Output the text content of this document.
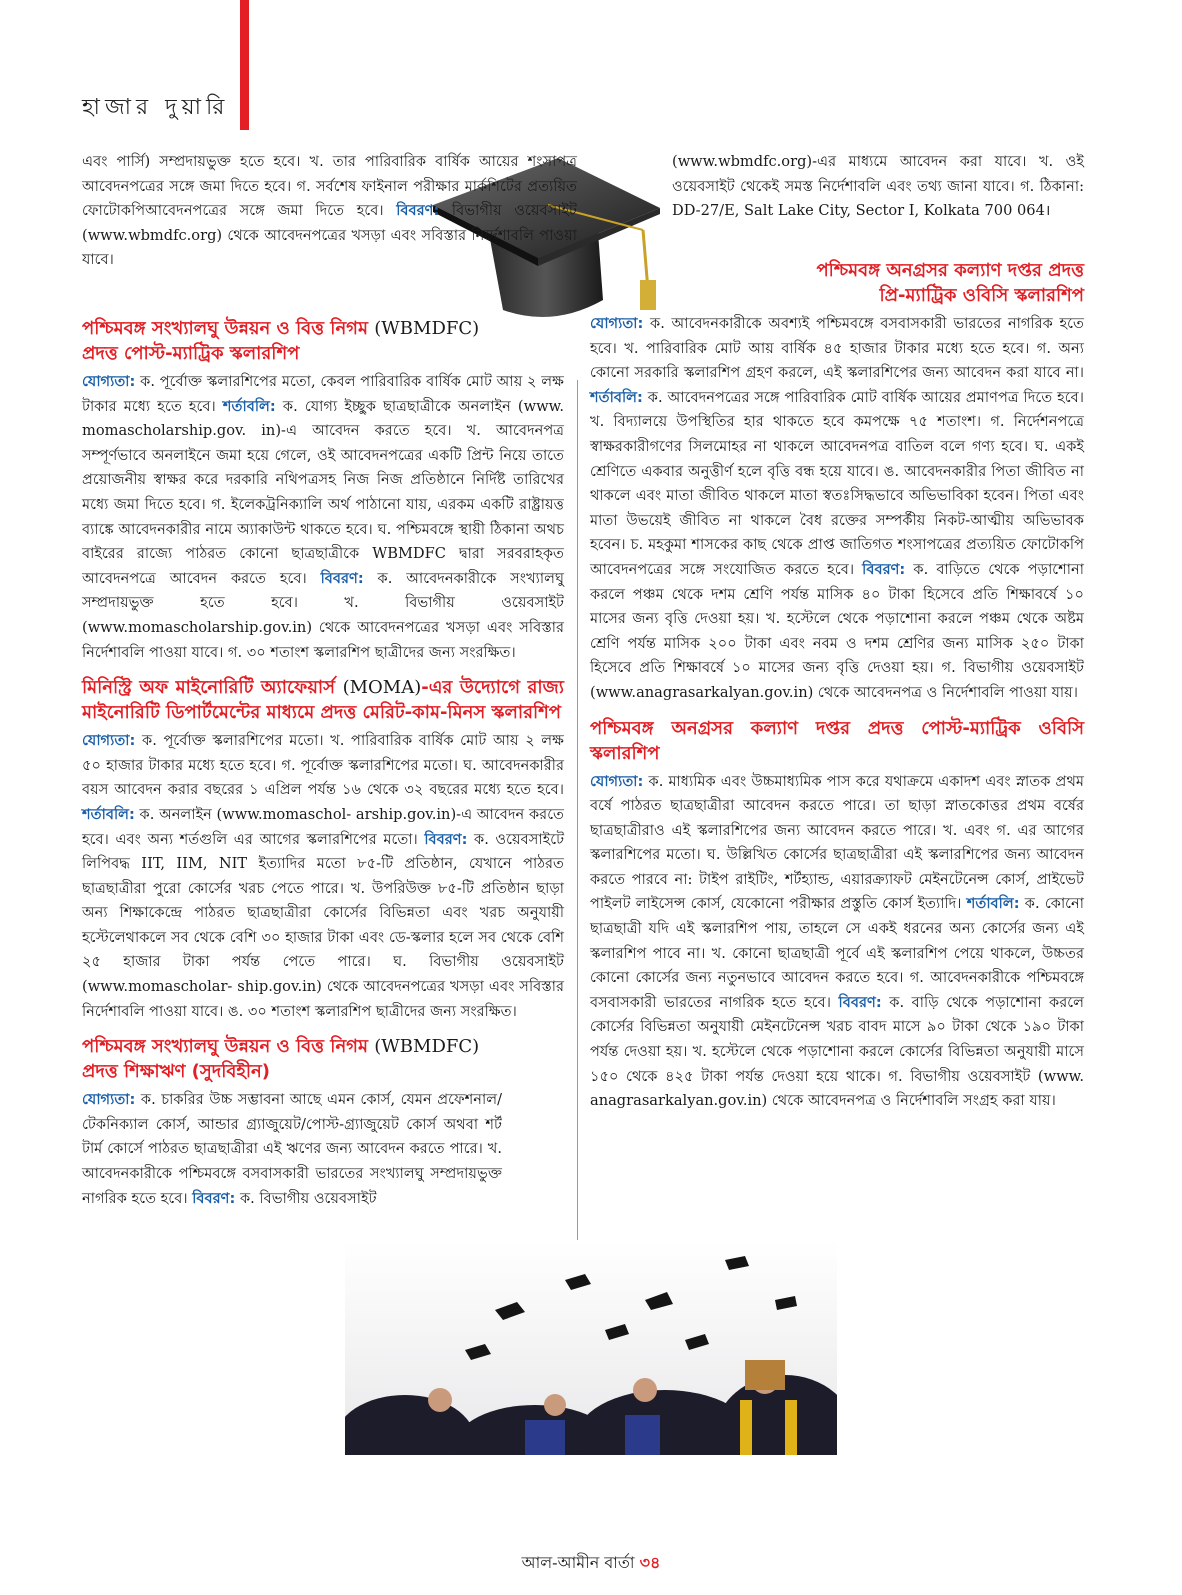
হাজার দুয়ারি

এবং পার্সি) সম্প্রদায়ভুক্ত হতে হবে। খ. তার পারিবারিক বার্ষিক আয়ের শংসাপত্র আবেদনপত্রের সঙ্গে জমা দিতে হবে। গ. সর্বশেষ ফাইনাল পরীক্ষার মার্কশিটের প্রত্যয়িত ফোটোকপিআবেদনপত্রের সঙ্গে জমা দিতে হবে। বিবরণ: বিভাগীয় ওয়েবসাইট (www.wbmdfc.org) থেকে আবেদনপত্রের খসড়া এবং সবিস্তার নির্দেশাবলি পাওয়া যাবে।

পশ্চিমবঙ্গ সংখ্যালঘু উন্নয়ন ও বিত্ত নিগম (WBMDFC)
প্রদত্ত পোস্ট-ম্যাট্রিক স্কলারশিপ

যোগ্যতা: ক. পূর্বোক্ত স্কলারশিপের মতো, কেবল পারিবারিক বার্ষিক মোট আয় ২ লক্ষ টাকার মধ্যে হতে হবে। শর্তাবলি: ক. যোগ্য ইচ্ছুক ছাত্রছাত্রীকে অনলাইন (www. momascholarship.gov. in)-এ আবেদন করতে হবে। খ. আবেদনপত্র সম্পূর্ণভাবে অনলাইনে জমা হয়ে গেলে, ওই আবেদনপত্রের একটি প্রিন্ট নিয়ে তাতে প্রয়োজনীয় স্বাক্ষর করে দরকারি নথিপত্রসহ নিজ নিজ প্রতিষ্ঠানে নির্দিষ্ট তারিখের মধ্যে জমা দিতে হবে। গ. ইলেকট্রনিক্যালি অর্থ পাঠানো যায়, এরকম একটি রাষ্ট্রায়ত্ত ব্যাঙ্কে আবেদনকারীর নামে অ্যাকাউন্ট থাকতে হবে। ঘ. পশ্চিমবঙ্গে স্থায়ী ঠিকানা অথচ বাইরের রাজ্যে পাঠরত কোনো ছাত্রছাত্রীকে WBMDFC দ্বারা সরবরাহকৃত আবেদনপত্রে আবেদন করতে হবে। বিবরণ: ক. আবেদনকারীকে সংখ্যালঘু সম্প্রদায়ভুক্ত হতে হবে। খ. বিভাগীয় ওয়েবসাইট (www.momascholarship.gov.in) থেকে আবেদনপত্রের খসড়া এবং সবিস্তার নির্দেশাবলি পাওয়া যাবে। গ. ৩০ শতাংশ স্কলারশিপ ছাত্রীদের জন্য সংরক্ষিত।

মিনিস্ট্রি অফ মাইনোরিটি অ্যাফেয়ার্স (MOMA)-এর উদ্যোগে রাজ্য মাইনোরিটি ডিপার্টমেন্টের মাধ্যমে প্রদত্ত মেরিট-কাম-মিনস স্কলারশিপ

যোগ্যতা: ক. পূর্বোক্ত স্কলারশিপের মতো। খ. পারিবারিক বার্ষিক মোট আয় ২ লক্ষ ৫০ হাজার টাকার মধ্যে হতে হবে। গ. পূর্বোক্ত স্কলারশিপের মতো। ঘ. আবেদনকারীর বয়স আবেদন করার বছরের ১ এপ্রিল পর্যন্ত ১৬ থেকে ৩২ বছরের মধ্যে হতে হবে। শর্তাবলি: ক. অনলাইন (www.momaschol- arship.gov.in)-এ আবেদন করতে হবে। এবং অন্য শর্তগুলি এর আগের স্কলারশিপের মতো। বিবরণ: ক. ওয়েবসাইটে লিপিবদ্ধ IIT, IIM, NIT ইত্যাদির মতো ৮৫-টি প্রতিষ্ঠান, যেখানে পাঠরত ছাত্রছাত্রীরা পুরো কোর্সের খরচ পেতে পারে। খ. উপরিউক্ত ৮৫-টি প্রতিষ্ঠান ছাড়া অন্য শিক্ষাকেন্দ্রে পাঠরত ছাত্রছাত্রীরা কোর্সের বিভিন্নতা এবং খরচ অনুযায়ী হস্টেলেথাকলে সব থেকে বেশি ৩০ হাজার টাকা এবং ডে-স্কলার হলে সব থেকে বেশি ২৫ হাজার টাকা পর্যন্ত পেতে পারে। ঘ. বিভাগীয় ওয়েবসাইট (www.momascholar- ship.gov.in) থেকে আবেদনপত্রের খসড়া এবং সবিস্তার নির্দেশাবলি পাওয়া যাবে। ঙ. ৩০ শতাংশ স্কলারশিপ ছাত্রীদের জন্য সংরক্ষিত।

পশ্চিমবঙ্গ সংখ্যালঘু উন্নয়ন ও বিত্ত নিগম (WBMDFC)
প্রদত্ত শিক্ষাঋণ (সুদবিহীন)

যোগ্যতা: ক. চাকরির উচ্চ সম্ভাবনা আছে এমন কোর্স, যেমন প্রফেশনাল/টেকনিক্যাল কোর্স, আন্ডার গ্র্যাজুয়েট/পোস্ট-গ্র্যাজুয়েট কোর্স অথবা শর্ট টার্ম কোর্সে পাঠরত ছাত্রছাত্রীরা এই ঋণের জন্য আবেদন করতে পারে। খ. আবেদনকারীকে পশ্চিমবঙ্গে বসবাসকারী ভারতের সংখ্যালঘু সম্প্রদায়ভুক্ত নাগরিক হতে হবে। বিবরণ: ক. বিভাগীয় ওয়েবসাইট

(www.wbmdfc.org)-এর মাধ্যমে আবেদন করা যাবে। খ. ওই ওয়েবসাইট থেকেই সমস্ত নির্দেশাবলি এবং তথ্য জানা যাবে। গ. ঠিকানা: DD-27/E, Salt Lake City, Sector I, Kolkata 700 064।

পশ্চিমবঙ্গ অনগ্রসর কল্যাণ দপ্তর প্রদত্ত
প্রি-ম্যাট্রিক ওবিসি স্কলারশিপ

যোগ্যতা: ক. আবেদনকারীকে অবশ্যই পশ্চিমবঙ্গে বসবাসকারী ভারতের নাগরিক হতে হবে। খ. পারিবারিক মোট আয় বার্ষিক ৪৫ হাজার টাকার মধ্যে হতে হবে। গ. অন্য কোনো সরকারি স্কলারশিপ গ্রহণ করলে, এই স্কলারশিপের জন্য আবেদন করা যাবে না। শর্তাবলি: ক. আবেদনপত্রের সঙ্গে পারিবারিক মোট বার্ষিক আয়ের প্রমাণপত্র দিতে হবে। খ. বিদ্যালয়ে উপস্থিতির হার থাকতে হবে কমপক্ষে ৭৫ শতাংশ। গ. নির্দেশনপত্রে স্বাক্ষরকারীগণের সিলমোহর না থাকলে আবেদনপত্র বাতিল বলে গণ্য হবে। ঘ. একই শ্রেণিতে একবার অনুত্তীর্ণ হলে বৃত্তি বন্ধ হয়ে যাবে। ঙ. আবেদনকারীর পিতা জীবিত না থাকলে এবং মাতা জীবিত থাকলে মাতা স্বতঃসিদ্ধভাবে অভিভাবিকা হবেন। পিতা এবং মাতা উভয়েই জীবিত না থাকলে বৈধ রক্তের সম্পর্কীয় নিকট-আত্মীয় অভিভাবক হবেন। চ. মহকুমা শাসকের কাছ থেকে প্রাপ্ত জাতিগত শংসাপত্রের প্রত্যয়িত ফোটোকপি আবেদনপত্রের সঙ্গে সংযোজিত করতে হবে। বিবরণ: ক. বাড়িতে থেকে পড়াশোনা করলে পঞ্চম থেকে দশম শ্রেণি পর্যন্ত মাসিক ৪০ টাকা হিসেবে প্রতি শিক্ষাবর্ষে ১০ মাসের জন্য বৃত্তি দেওয়া হয়। খ. হস্টেলে থেকে পড়াশোনা করলে পঞ্চম থেকে অষ্টম শ্রেণি পর্যন্ত মাসিক ২০০ টাকা এবং নবম ও দশম শ্রেণির জন্য মাসিক ২৫০ টাকা হিসেবে প্রতি শিক্ষাবর্ষে ১০ মাসের জন্য বৃত্তি দেওয়া হয়। গ. বিভাগীয় ওয়েবসাইট (www.anagrasarkalyan.gov.in) থেকে আবেদনপত্র ও নির্দেশাবলি পাওয়া যায়।

পশ্চিমবঙ্গ অনগ্রসর কল্যাণ দপ্তর প্রদত্ত পোস্ট-ম্যাট্রিক ওবিসি স্কলারশিপ

যোগ্যতা: ক. মাধ্যমিক এবং উচ্চমাধ্যমিক পাস করে যথাক্রমে একাদশ এবং স্নাতক প্রথম বর্ষে পাঠরত ছাত্রছাত্রীরা আবেদন করতে পারে। তা ছাড়া স্নাতকোত্তর প্রথম বর্ষের ছাত্রছাত্রীরাও এই স্কলারশিপের জন্য আবেদন করতে পারে। খ. এবং গ. এর আগের স্কলারশিপের মতো। ঘ. উল্লিখিত কোর্সের ছাত্রছাত্রীরা এই স্কলারশিপের জন্য আবেদন করতে পারবে না: টাইপ রাইটিং, শর্টহ্যান্ড, এয়ারক্র্যাফট মেইনটেনেন্স কোর্স, প্রাইভেট পাইলট লাইসেন্স কোর্স, যেকোনো পরীক্ষার প্রস্তুতি কোর্স ইত্যাদি। শর্তাবলি: ক. কোনো ছাত্রছাত্রী যদি এই স্কলারশিপ পায়, তাহলে সে একই ধরনের অন্য কোর্সের জন্য এই স্কলারশিপ পাবে না। খ. কোনো ছাত্রছাত্রী পূর্বে এই স্কলারশিপ পেয়ে থাকলে, উচ্চতর কোনো কোর্সের জন্য নতুনভাবে আবেদন করতে হবে। গ. আবেদনকারীকে পশ্চিমবঙ্গে বসবাসকারী ভারতের নাগরিক হতে হবে। বিবরণ: ক. বাড়ি থেকে পড়াশোনা করলে কোর্সের বিভিন্নতা অনুযায়ী মেইনটেনেন্স খরচ বাবদ মাসে ৯০ টাকা থেকে ১৯০ টাকা পর্যন্ত দেওয়া হয়। খ. হস্টেলে থেকে পড়াশোনা করলে কোর্সের বিভিন্নতা অনুযায়ী মাসে ১৫০ থেকে ৪২৫ টাকা পর্যন্ত দেওয়া হয়ে থাকে। গ. বিভাগীয় ওয়েবসাইট (www. anagrasarkalyan.gov.in) থেকে আবেদনপত্র ও নির্দেশাবলি সংগ্রহ করা যায়।

আল-আমীন বার্তা ৩৪
